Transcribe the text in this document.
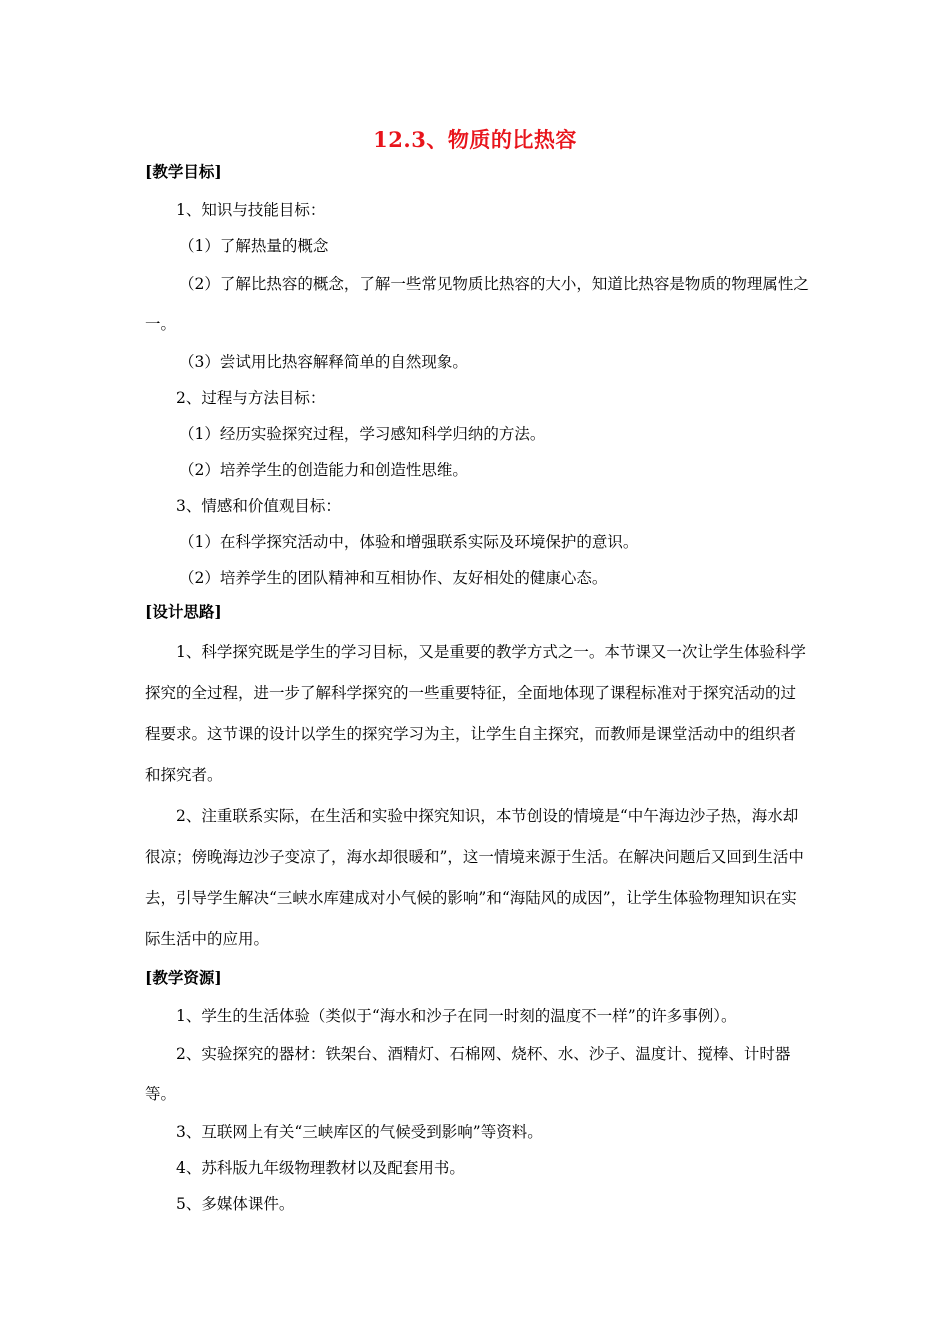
12.3、物质的比热容
[教学目标]

1、知识与技能目标：

（1）了解热量的概念

（2）了解比热容的概念，了解一些常见物质比热容的大小，知道比热容是物质的物理属性之一。

（3）尝试用比热容解释简单的自然现象。

2、过程与方法目标：

（1）经历实验探究过程，学习感知科学归纳的方法。

（2）培养学生的创造能力和创造性思维。

3、情感和价值观目标：

（1）在科学探究活动中，体验和增强联系实际及环境保护的意识。

（2）培养学生的团队精神和互相协作、友好相处的健康心态。

[设计思路]

1、科学探究既是学生的学习目标，又是重要的教学方式之一。本节课又一次让学生体验科学探究的全过程，进一步了解科学探究的一些重要特征，全面地体现了课程标准对于探究活动的过程要求。这节课的设计以学生的探究学习为主，让学生自主探究，而教师是课堂活动中的组织者和探究者。

2、注重联系实际，在生活和实验中探究知识，本节创设的情境是“中午海边沙子热，海水却很凉；傍晚海边沙子变凉了，海水却很暖和”，这一情境来源于生活。在解决问题后又回到生活中去，引导学生解决“三峡水库建成对小气候的影响”和“海陆风的成因”，让学生体验物理知识在实际生活中的应用。

[教学资源]

1、学生的生活体验（类似于“海水和沙子在同一时刻的温度不一样”的许多事例）。

2、实验探究的器材：铁架台、酒精灯、石棉网、烧杯、水、沙子、温度计、搅棒、计时器等。

3、互联网上有关“三峡库区的气候受到影响”等资料。

4、苏科版九年级物理教材以及配套用书。

5、多媒体课件。
